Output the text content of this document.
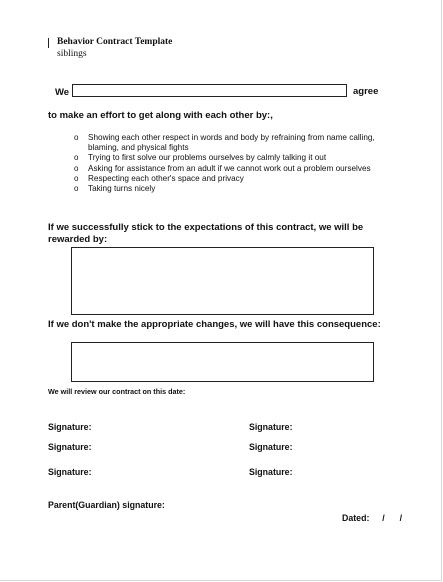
Behavior Contract Template
siblings
We	agree
to make an effort to get along with each other by:,
o Showing each other respect in words and body by refraining from name calling, blaming, and physical fights
o Trying to first solve our problems ourselves by calmly talking it out
o Asking for assistance from an adult if we cannot work out a problem ourselves
o Respecting each other's space and privacy
o Taking turns nicely
If we successfully stick to the expectations of this contract, we will be rewarded by:
If we don't make the appropriate changes, we will have this consequence:
We will review our contract on this date:
Signature:	Signature:
Signature:	Signature:
Signature:	Signature:
Parent(Guardian) signature:
Dated: / /
